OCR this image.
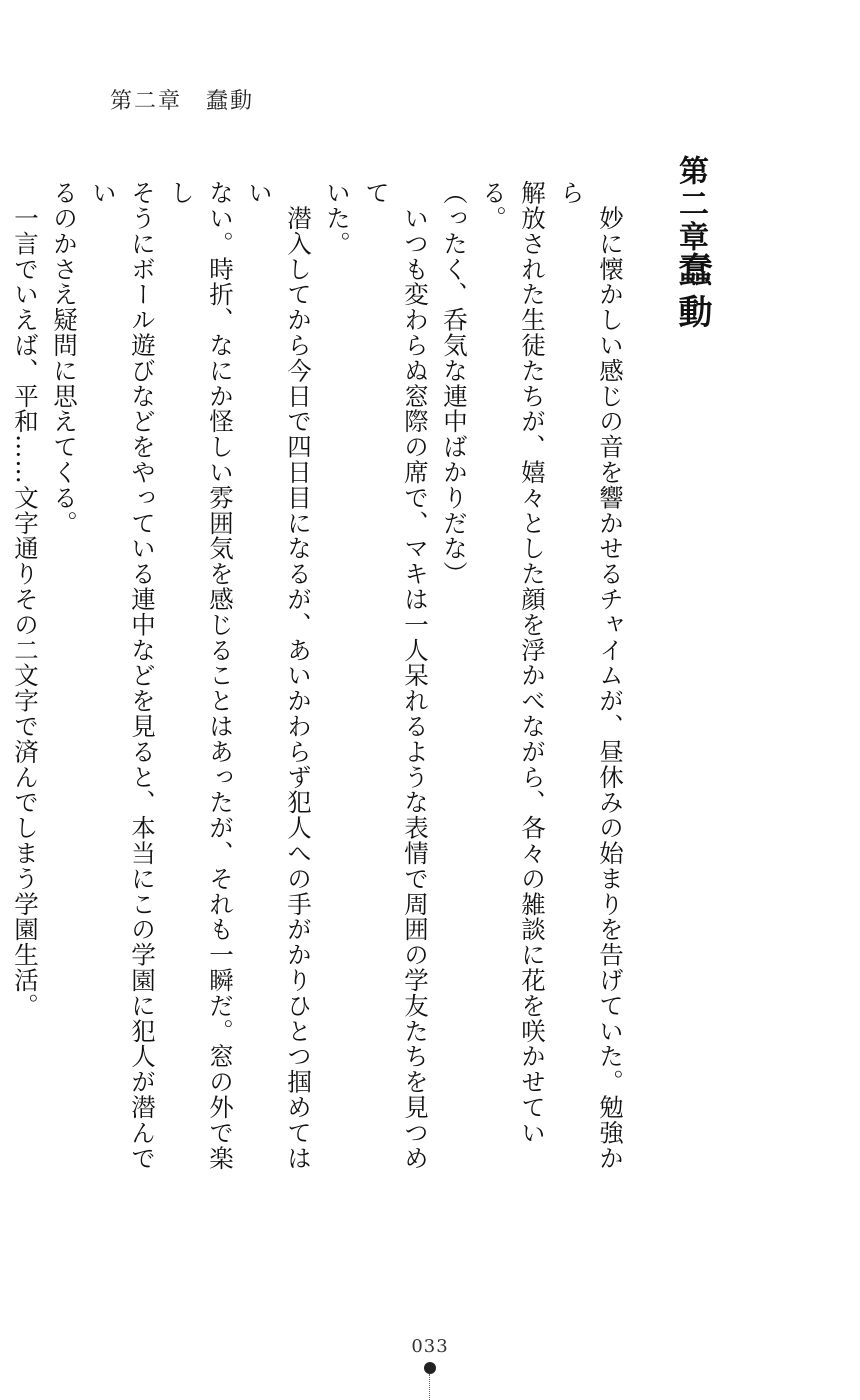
第二章　蠢動
第二章
蠢動

　妙に懐かしい感じの音を響かせるチャイムが、昼休みの始まりを告げていた。勉強から
解放された生徒たちが、嬉々とした顔を浮かべながら、各々の雑談に花を咲かせている。

（ったく、呑気な連中ばかりだな）

　いつも変わらぬ窓際の席で、マキは一人呆れるような表情で周囲の学友たちを見つめて
いた。

　潜入してから今日で四日目になるが、あいかわらず犯人への手がかりひとつ掴めてはい
ない。時折、なにか怪しい雰囲気を感じることはあったが、それも一瞬だ。窓の外で楽し
そうにボール遊びなどをやっている連中などを見ると、本当にこの学園に犯人が潜んでい
るのかさえ疑問に思えてくる。

　一言でいえば、平和……文字通りその二文字で済んでしまう学園生活。

033
